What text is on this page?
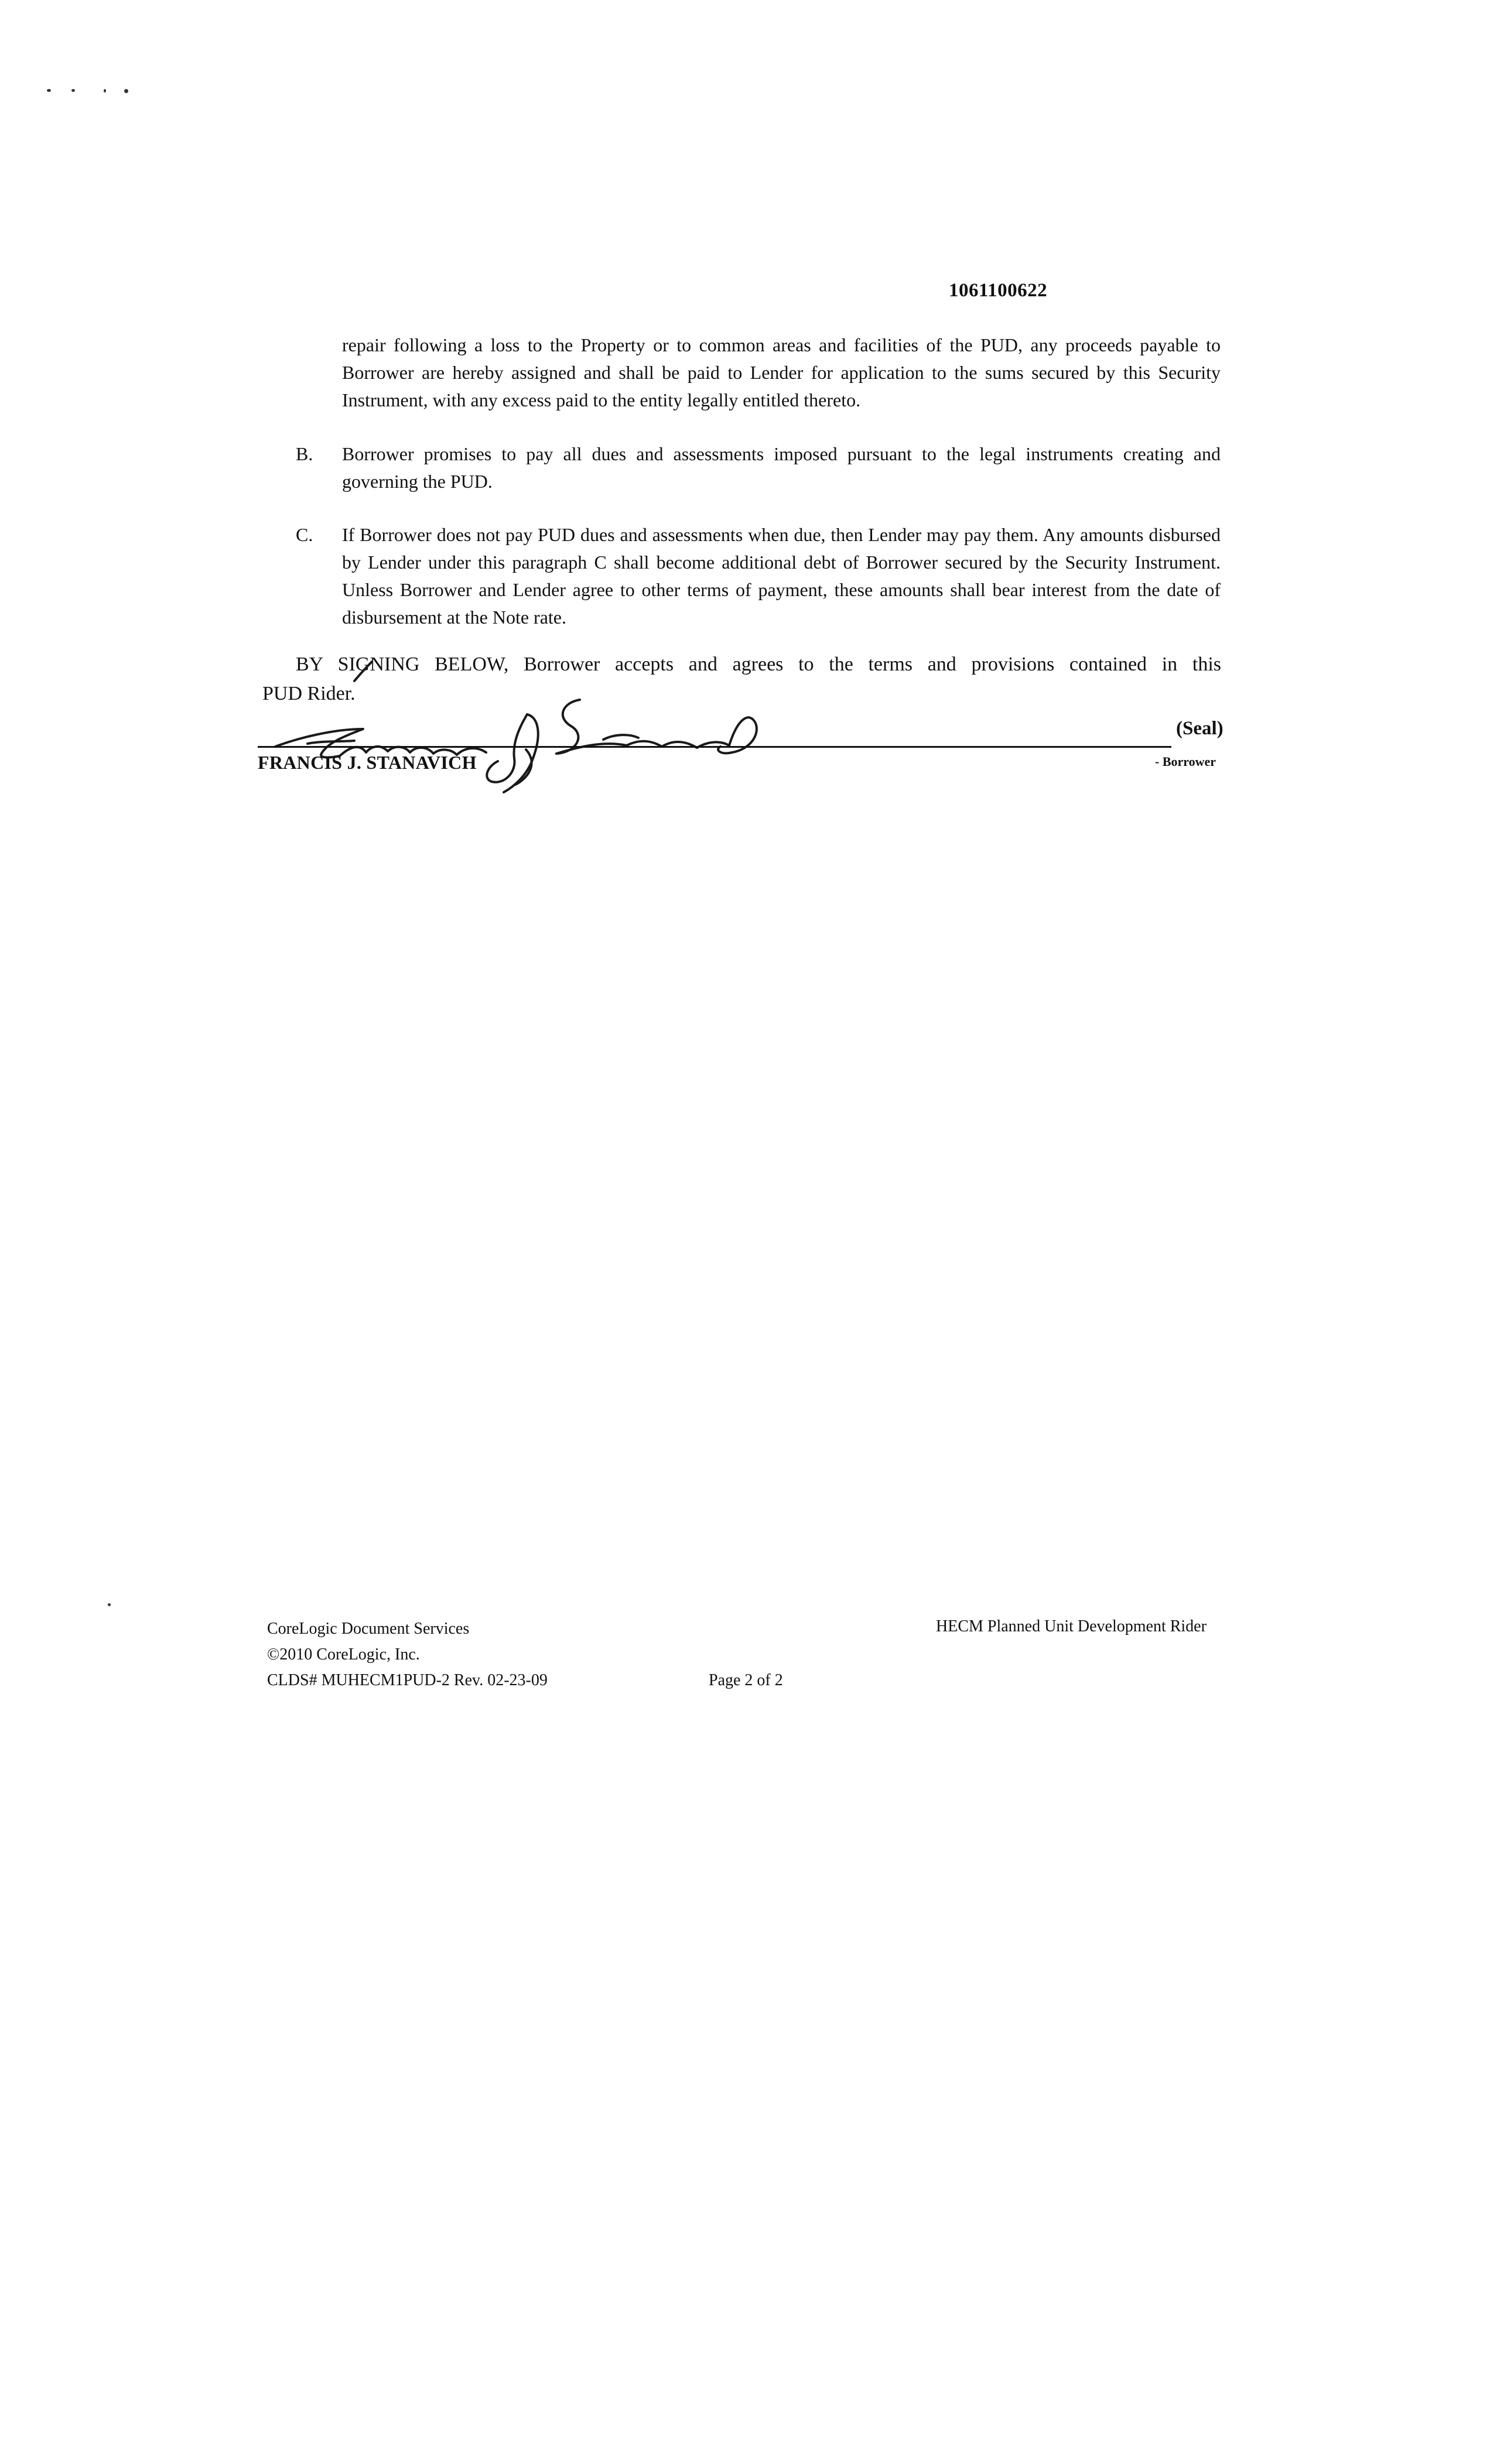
1061100622
repair following a loss to the Property or to common areas and facilities of the PUD, any proceeds payable to Borrower are hereby assigned and shall be paid to Lender for application to the sums secured by this Security Instrument, with any excess paid to the entity legally entitled thereto.
B. Borrower promises to pay all dues and assessments imposed pursuant to the legal instruments creating and governing the PUD.
C. If Borrower does not pay PUD dues and assessments when due, then Lender may pay them. Any amounts disbursed by Lender under this paragraph C shall become additional debt of Borrower secured by the Security Instrument. Unless Borrower and Lender agree to other terms of payment, these amounts shall bear interest from the date of disbursement at the Note rate.
BY SIGNING BELOW, Borrower accepts and agrees to the terms and provisions contained in this
PUD Rider.
(Seal)
FRANCIS J. STANAVICH	- Borrower
CoreLogic Document Services
©2010 CoreLogic, Inc.
CLDS# MUHECM1PUD-2 Rev. 02-23-09
HECM Planned Unit Development Rider
Page 2 of 2
